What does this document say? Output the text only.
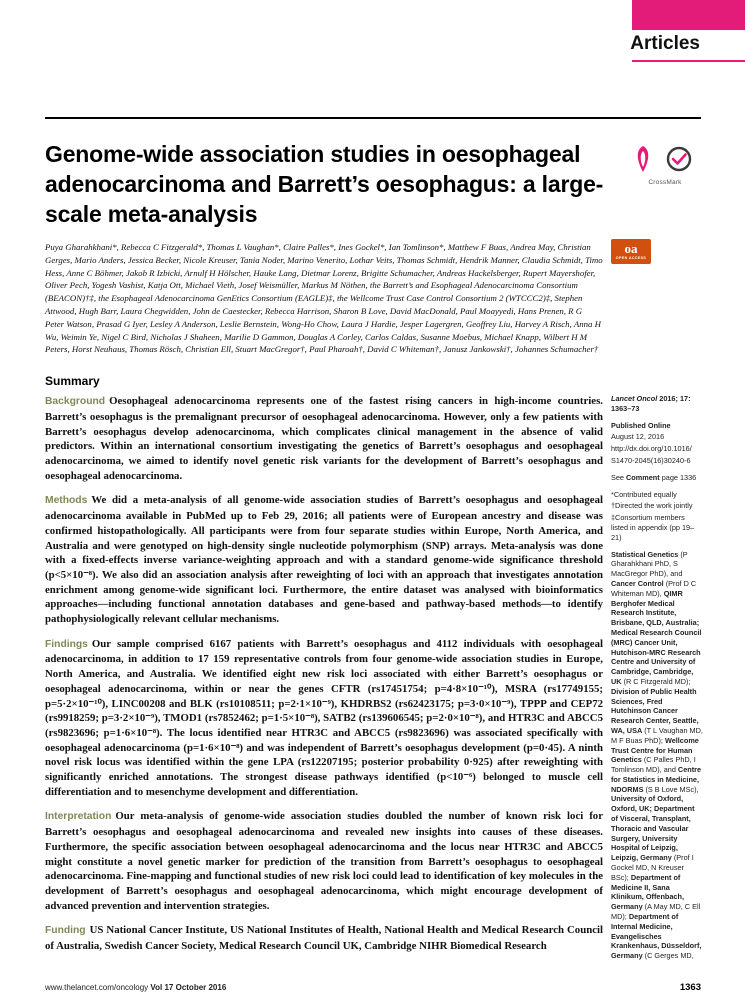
Articles
Genome-wide association studies in oesophageal adenocarcinoma and Barrett’s oesophagus: a large-scale meta-analysis

Puya Gharahkhani*, Rebecca C Fitzgerald*, Thomas L Vaughan*, Claire Palles*, Ines Gockel*, Ian Tomlinson*, Matthew F Buas, Andrea May, Christian Gerges, Mario Anders, Jessica Becker, Nicole Kreuser, Tania Noder, Marino Venerito, Lothar Veits, Thomas Schmidt, Hendrik Manner, Claudia Schmidt, Timo Hess, Anne C Böhmer, Jakob R Izbicki, Arnulf H Hölscher, Hauke Lang, Dietmar Lorenz, Brigitte Schumacher, Andreas Hackelsberger, Rupert Mayershofer, Oliver Pech, Yogesh Vashist, Katja Ott, Michael Vieth, Josef Weismüller, Markus M Nöthen, the Barrett’s and Esophageal Adenocarcinoma Consortium (BEACON)†‡, the Esophageal Adenocarcinoma GenEtics Consortium (EAGLE)‡, the Wellcome Trust Case Control Consortium 2 (WTCCC2)‡, Stephen Attwood, Hugh Barr, Laura Chegwidden, John de Caestecker, Rebecca Harrison, Sharon B Love, David MacDonald, Paul Moayyedi, Hans Prenen, R G Peter Watson, Prasad G Iyer, Lesley A Anderson, Leslie Bernstein, Wong-Ho Chow, Laura J Hardie, Jesper Lagergren, Geoffrey Liu, Harvey A Risch, Anna H Wu, Weimin Ye, Nigel C Bird, Nicholas J Shaheen, Marilie D Gammon, Douglas A Corley, Carlos Caldas, Susanne Moebus, Michael Knapp, Wilbert H M Peters, Horst Neuhaus, Thomas Rösch, Christian Ell, Stuart MacGregor†, Paul Pharoah†, David C Whiteman†, Janusz Jankowski†, Johannes Schumacher†

Summary

Background Oesophageal adenocarcinoma represents one of the fastest rising cancers in high-income countries. Barrett’s oesophagus is the premalignant precursor of oesophageal adenocarcinoma. However, only a few patients with Barrett’s oesophagus develop adenocarcinoma, which complicates clinical management in the absence of valid predictors. Within an international consortium investigating the genetics of Barrett’s oesophagus and oesophageal adenocarcinoma, we aimed to identify novel genetic risk variants for the development of Barrett’s oesophagus and oesophageal adenocarcinoma.

Methods We did a meta-analysis of all genome-wide association studies of Barrett’s oesophagus and oesophageal adenocarcinoma available in PubMed up to Feb 29, 2016; all patients were of European ancestry and disease was confirmed histopathologically. All participants were from four separate studies within Europe, North America, and Australia and were genotyped on high-density single nucleotide polymorphism (SNP) arrays. Meta-analysis was done with a fixed-effects inverse variance-weighting approach and with a standard genome-wide significance threshold (p<5×10⁻⁸). We also did an association analysis after reweighting of loci with an approach that investigates annotation enrichment among genome-wide significant loci. Furthermore, the entire dataset was analysed with bioinformatics approaches—including functional annotation databases and gene-based and pathway-based methods—to identify pathophysiologically relevant cellular mechanisms.

Findings Our sample comprised 6167 patients with Barrett’s oesophagus and 4112 individuals with oesophageal adenocarcinoma, in addition to 17 159 representative controls from four genome-wide association studies in Europe, North America, and Australia. We identified eight new risk loci associated with either Barrett’s oesophagus or oesophageal adenocarcinoma, within or near the genes CFTR (rs17451754; p=4·8×10⁻¹⁰), MSRA (rs17749155; p=5·2×10⁻¹⁰), LINC00208 and BLK (rs10108511; p=2·1×10⁻⁹), KHDRBS2 (rs62423175; p=3·0×10⁻⁹), TPPP and CEP72 (rs9918259; p=3·2×10⁻⁹), TMOD1 (rs7852462; p=1·5×10⁻⁸), SATB2 (rs139606545; p=2·0×10⁻⁸), and HTR3C and ABCC5 (rs9823696; p=1·6×10⁻⁸). The locus identified near HTR3C and ABCC5 (rs9823696) was associated specifically with oesophageal adenocarcinoma (p=1·6×10⁻⁸) and was independent of Barrett’s oesophagus development (p=0·45). A ninth novel risk locus was identified within the gene LPA (rs12207195; posterior probability 0·925) after reweighting with significantly enriched annotations. The strongest disease pathways identified (p<10⁻⁶) belonged to muscle cell differentiation and to mesenchyme development and differentiation.

Interpretation Our meta-analysis of genome-wide association studies doubled the number of known risk loci for Barrett’s oesophagus and oesophageal adenocarcinoma and revealed new insights into causes of these diseases. Furthermore, the specific association between oesophageal adenocarcinoma and the locus near HTR3C and ABCC5 might constitute a novel genetic marker for prediction of the transition from Barrett’s oesophagus to oesophageal adenocarcinoma. Fine-mapping and functional studies of new risk loci could lead to identification of key molecules in the development of Barrett’s oesophagus and oesophageal adenocarcinoma, which might encourage development of advanced prevention and intervention strategies.

Funding US National Cancer Institute, US National Institutes of Health, National Health and Medical Research Council of Australia, Swedish Cancer Society, Medical Research Council UK, Cambridge NIHR Biomedical Research

CrossMark
oa
OPEN ACCESS

Lancet Oncol 2016; 17: 1363–73

Published Online

August 12, 2016

http://dx.doi.org/10.1016/

S1470-2045(16)30240-6

See Comment page 1336

*Contributed equally

†Directed the work jointly

‡Consortium members listed in appendix (pp 19–21)

Statistical Genetics (P Gharahkhani PhD, S MacGregor PhD), and Cancer Control (Prof D C Whiteman MD), QIMR Berghofer Medical Research Institute, Brisbane, QLD, Australia; Medical Research Council (MRC) Cancer Unit, Hutchison-MRC Research Centre and University of Cambridge, Cambridge, UK (R C Fitzgerald MD); Division of Public Health Sciences, Fred Hutchinson Cancer Research Center, Seattle, WA, USA (T L Vaughan MD, M F Buas PhD); Wellcome Trust Centre for Human Genetics (C Palles PhD, I Tomlinson MD), and Centre for Statistics in Medicine, NDORMS (S B Love MSc), University of Oxford, Oxford, UK; Department of Visceral, Transplant, Thoracic and Vascular Surgery, University Hospital of Leipzig, Leipzig, Germany (Prof I Gockel MD, N Kreuser BSc); Department of Medicine II, Sana Klinikum, Offenbach, Germany (A May MD, C Ell MD); Department of Internal Medicine, Evangelisches Krankenhaus, Düsseldorf, Germany (C Gerges MD,

www.thelancet.com/oncology Vol 17 October 2016	1363
